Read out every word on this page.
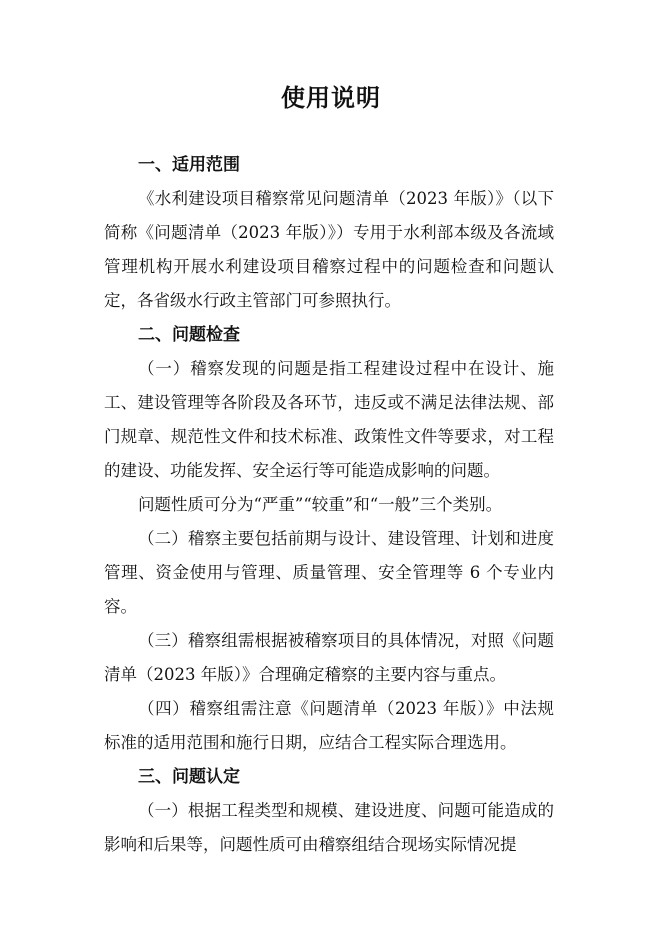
使用说明

一、适用范围

《水利建设项目稽察常见问题清单（2023 年版）》（以下简称《问题清单（2023 年版）》）专用于水利部本级及各流域管理机构开展水利建设项目稽察过程中的问题检查和问题认定，各省级水行政主管部门可参照执行。

二、问题检查

（一）稽察发现的问题是指工程建设过程中在设计、施工、建设管理等各阶段及各环节，违反或不满足法律法规、部门规章、规范性文件和技术标准、政策性文件等要求，对工程的建设、功能发挥、安全运行等可能造成影响的问题。

问题性质可分为“严重”“较重”和“一般”三个类别。

（二）稽察主要包括前期与设计、建设管理、计划和进度管理、资金使用与管理、质量管理、安全管理等 6 个专业内容。

（三）稽察组需根据被稽察项目的具体情况，对照《问题清单（2023 年版）》合理确定稽察的主要内容与重点。

（四）稽察组需注意《问题清单（2023 年版）》中法规标准的适用范围和施行日期，应结合工程实际合理选用。

三、问题认定

（一）根据工程类型和规模、建设进度、问题可能造成的影响和后果等，问题性质可由稽察组结合现场实际情况提
